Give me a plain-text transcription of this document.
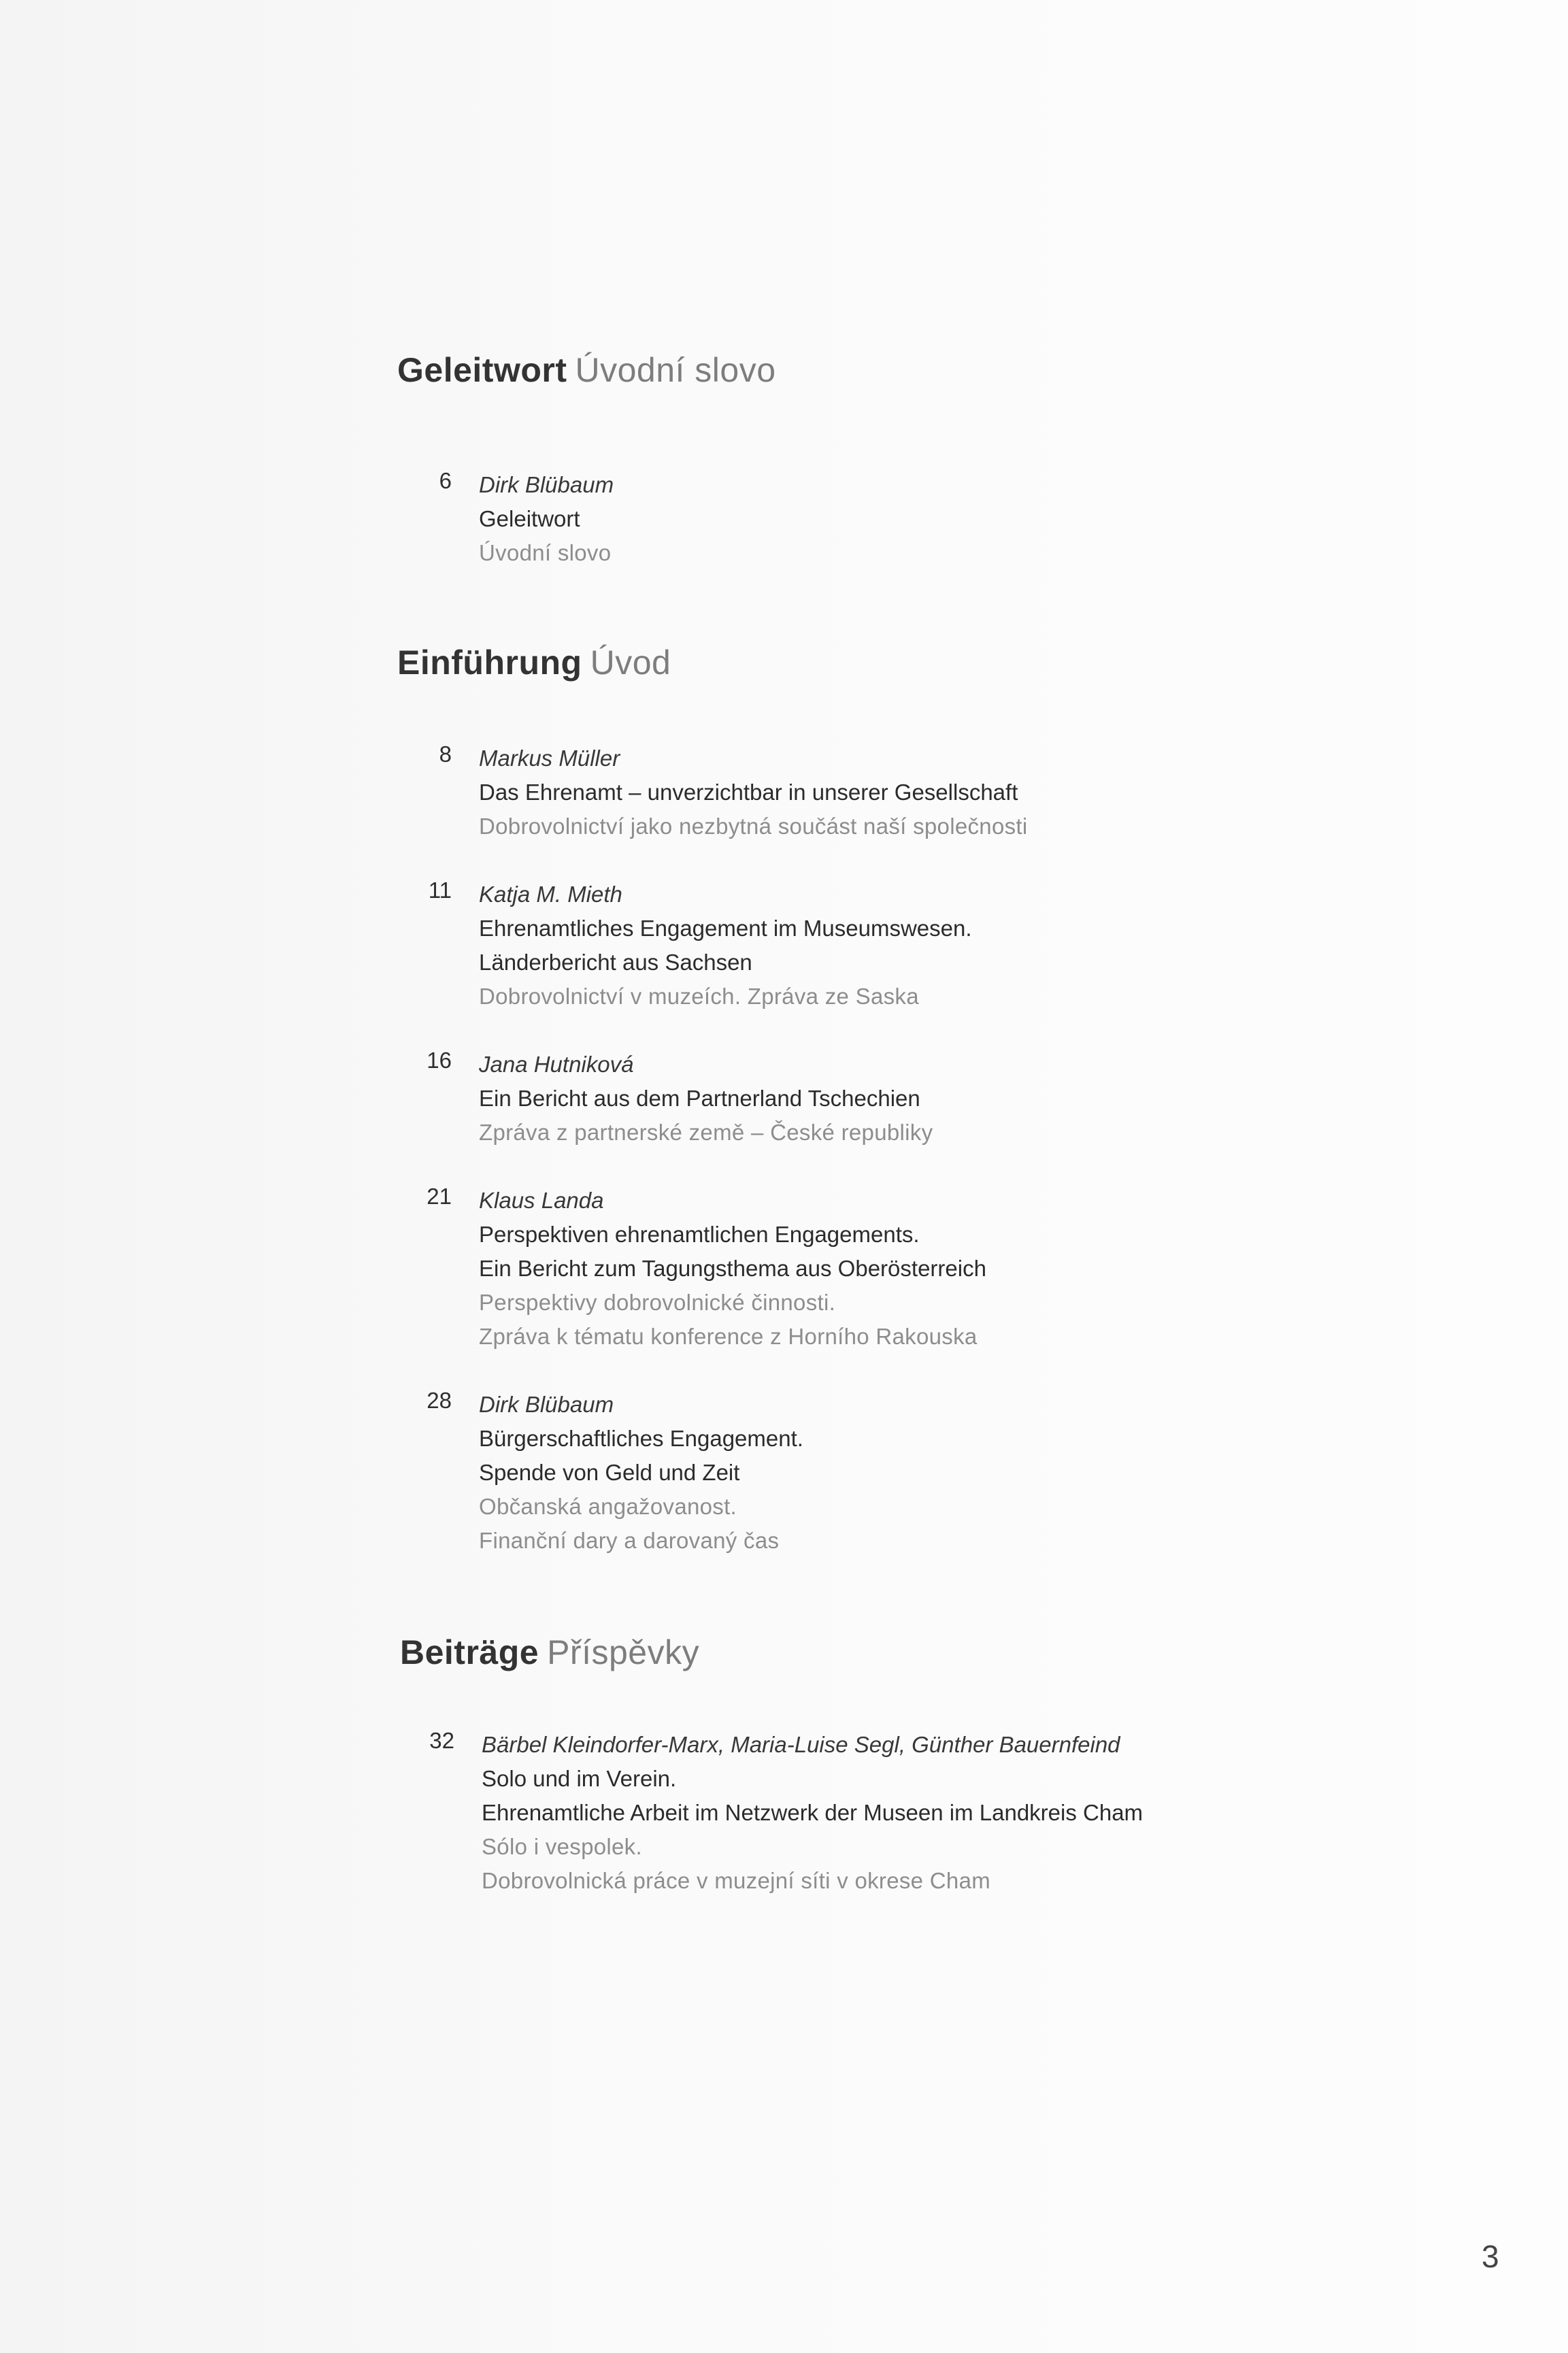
Geleitwort Úvodní slovo
6 Dirk Blübaum
Geleitwort
Úvodní slovo
Einführung Úvod
8 Markus Müller
Das Ehrenamt – unverzichtbar in unserer Gesellschaft
Dobrovolnictví jako nezbytná součást naší společnosti
11 Katja M. Mieth
Ehrenamtliches Engagement im Museumswesen.
Länderbericht aus Sachsen
Dobrovolnictví v muzeích. Zpráva ze Saska
16 Jana Hutniková
Ein Bericht aus dem Partnerland Tschechien
Zpráva z partnerské země – České republiky
21 Klaus Landa
Perspektiven ehrenamtlichen Engagements.
Ein Bericht zum Tagungsthema aus Oberösterreich
Perspektivy dobrovolnické činnosti.
Zpráva k tématu konference z Horního Rakouska
28 Dirk Blübaum
Bürgerschaftliches Engagement.
Spende von Geld und Zeit
Občanská angažovanost.
Finanční dary a darovaný čas
Beiträge Příspěvky
32 Bärbel Kleindorfer-Marx, Maria-Luise Segl, Günther Bauernfeind
Solo und im Verein.
Ehrenamtliche Arbeit im Netzwerk der Museen im Landkreis Cham
Sólo i vespolek.
Dobrovolnická práce v muzejní síti v okrese Cham
3
